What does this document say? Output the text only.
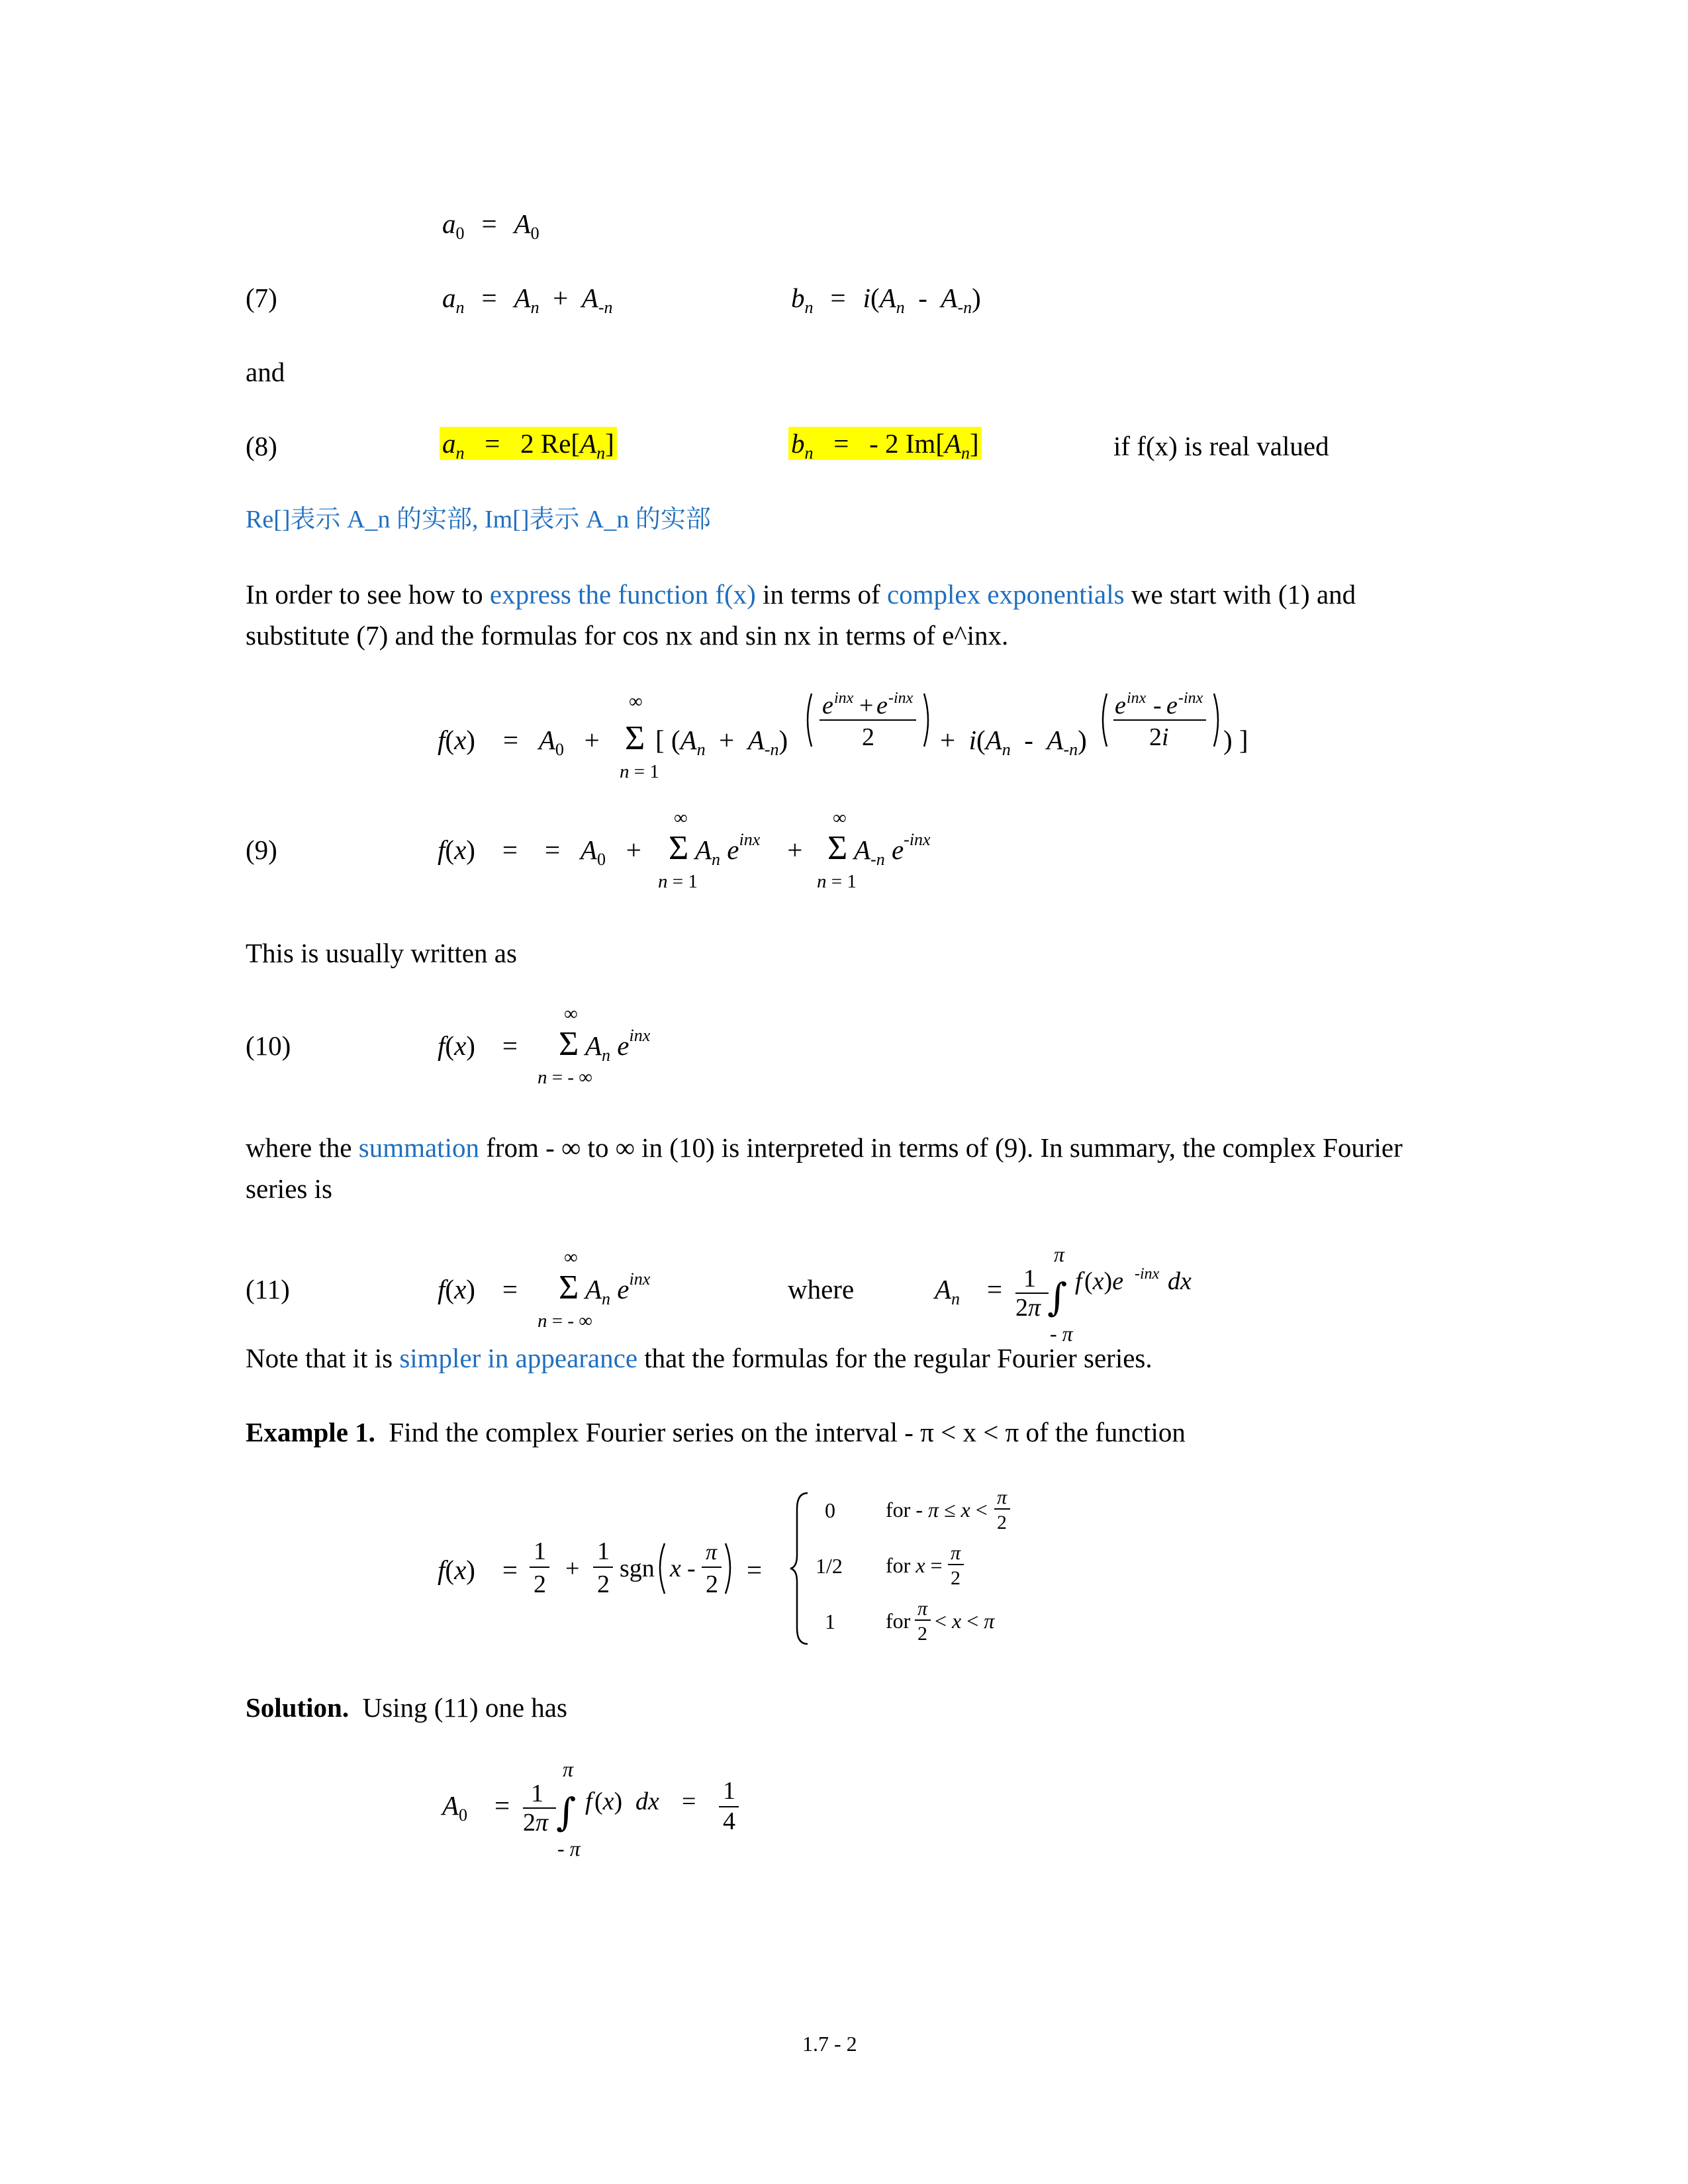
$a_0 = A_0$
(7)	$a_n = A_n + A_{-n}$	$b_n = i(A_n - A_{-n})$
and
(8)	$a_n = 2$ $Re[A_n]$	$b_n$   =   - 2 $Im[A_n]$	if f(x) is real valued
Re[]表示 A_n 的实部, Im[]表示 A_n 的实部
In order to see how to express the function f(x) in terms of complex exponentials we start with (1) and
substitute (7) and the formulas for cos nx and sin nx in terms of e^inx.
$f(x) = A_0$   +
∞
Σ
n = 1
[ $(A_n + A_{-n})$
e inx + e -inx
$2 + i(A_n - A_{-n})$
e inx - e -inx
2i ) ]
(9)	f(x)    =    =   $A_0$   +
∞
Σ
n = 1
$A_n$ $e^{inx}$    +
∞
Σ
n = 1
$A_{-n}$ $e^{-inx}$
This is usually written as
(10)	f(x)    =
∞
Σ
n = - ∞
$A_n$ $e^{inx}$
where the summation from - ∞ to ∞ in (10) is interpreted in terms of (9). In summary, the complex Fourier
series is
(11)	f(x)    =
∞
Σ
n = - ∞
$A_n$ $e^{inx}$	where	$A_n$    =
π
1
2π ∫ f (x)e -inx dx
- π
Note that it is simpler in appearance that the formulas for the regular Fourier series.
Example 1. Find the complex Fourier series on the interval - π < x < π of the function
f(x)    =
1
2
+
1
2
sgn x -
π
2 =
0 for - π ≤ x <
π
2
1/2 for x =
π
2
1 for
π
2
< x < π
Solution. Using (11) one has
$A_0$    =
π
1
2π ∫ f (x) dx = 1
4
- π
1.7 - 2
